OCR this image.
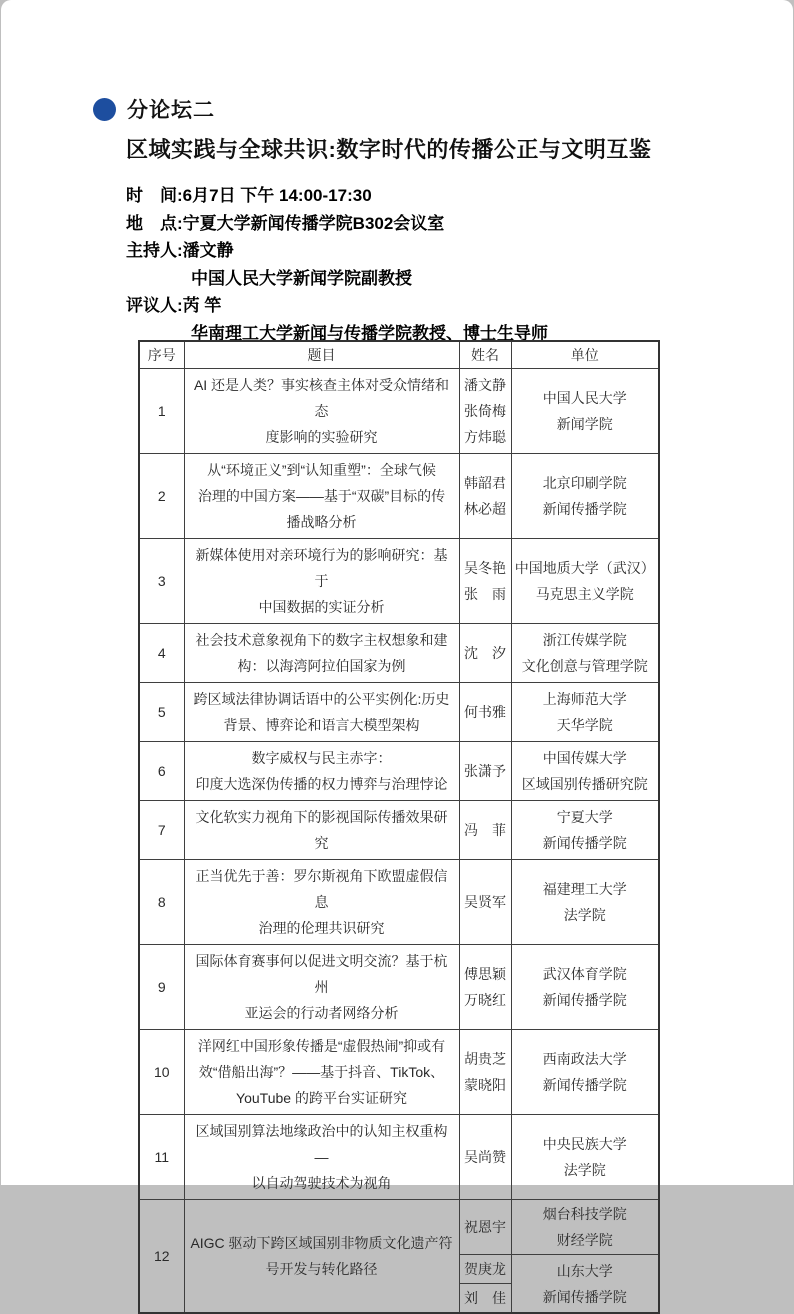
分论坛二
区域实践与全球共识:数字时代的传播公正与文明互鉴
时　间:6月7日 下午 14:00-17:30
地　点:宁夏大学新闻传播学院B302会议室
主持人:潘文静
中国人民大学新闻学院副教授
评议人:芮 竿
华南理工大学新闻与传播学院教授、博士生导师
序号	题目	姓名	单位

1	AI 还是人类？事实核查主体对受众情绪和态
度影响的实验研究	潘文静
张倚梅
方炜聪	中国人民大学
新闻学院

2	从“环境正义”到“认知重塑”：全球气候
治理的中国方案——基于“双碳”目标的传
播战略分析	韩韶君
林必超	北京印刷学院
新闻传播学院

3	新媒体使用对亲环境行为的影响研究：基于
中国数据的实证分析	吴冬艳
张　雨	中国地质大学（武汉）
马克思主义学院

4	社会技术意象视角下的数字主权想象和建
构：以海湾阿拉伯国家为例	沈　汐	浙江传媒学院
文化创意与管理学院

5	跨区域法律协调话语中的公平实例化:历史
背景、博弈论和语言大模型架构	何书雅	上海师范大学
天华学院

6	数字威权与民主赤字：
印度大选深伪传播的权力博弈与治理悖论	张潇予	中国传媒大学
区域国别传播研究院

7	文化软实力视角下的影视国际传播效果研究	冯　菲	宁夏大学
新闻传播学院

8	正当优先于善：罗尔斯视角下欧盟虚假信息
治理的伦理共识研究	吴贤军	福建理工大学
法学院

9	国际体育赛事何以促进文明交流？基于杭州
亚运会的行动者网络分析	傅思颖
万晓红	武汉体育学院
新闻传播学院

10	洋网红中国形象传播是“虚假热闹”抑或有
效“借船出海”？——基于抖音、TikTok、
YouTube 的跨平台实证研究	胡贵芝
蒙晓阳	西南政法大学
新闻传播学院

11	区域国别算法地缘政治中的认知主权重构—
以自动驾驶技术为视角	吴尚赞	中央民族大学
法学院

12	AIGC 驱动下跨区域国别非物质文化遗产符
号开发与转化路径	祝恩宇	烟台科技学院
财经学院

		贺庚龙	山东大学
新闻传播学院

		刘　佳	
